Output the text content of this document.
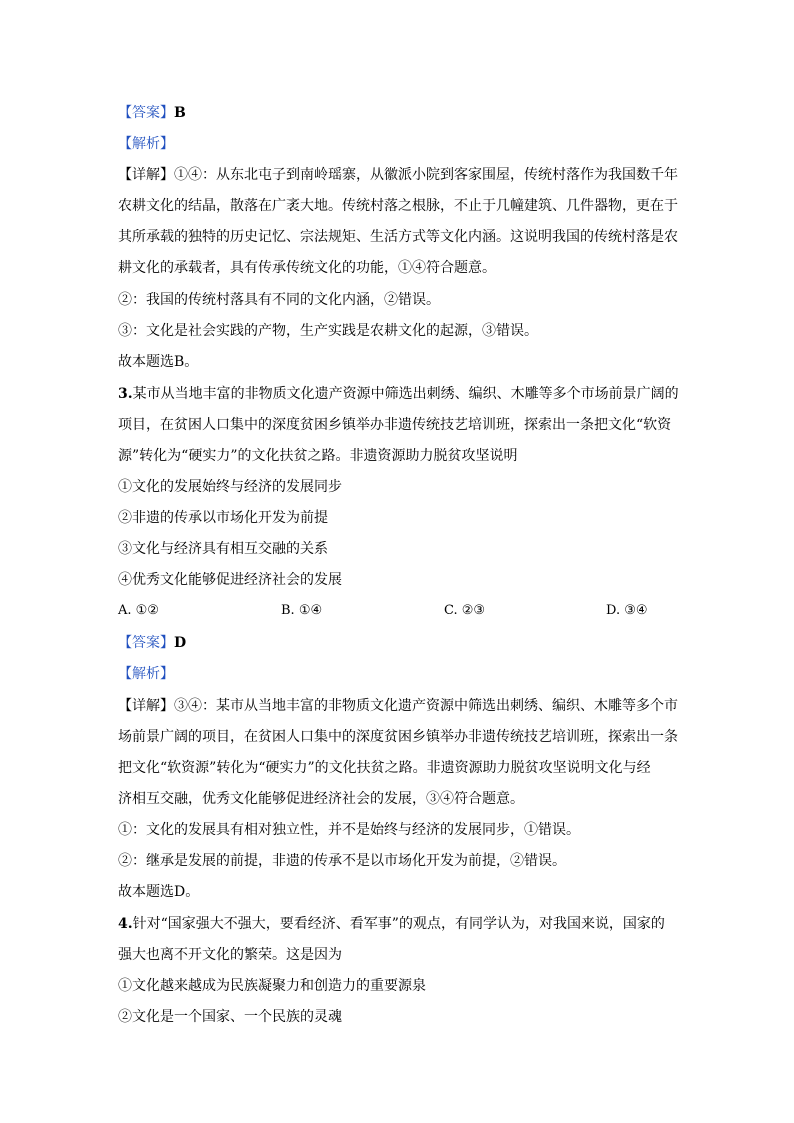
【答案】B
【解析】
【详解】①④：从东北屯子到南岭瑶寨，从徽派小院到客家围屋，传统村落作为我国数千年
农耕文化的结晶，散落在广袤大地。传统村落之根脉，不止于几幢建筑、几件器物，更在于
其所承载的独特的历史记忆、宗法规矩、生活方式等文化内涵。这说明我国的传统村落是农
耕文化的承载者，具有传承传统文化的功能，①④符合题意。
②：我国的传统村落具有不同的文化内涵，②错误。
③：文化是社会实践的产物，生产实践是农耕文化的起源，③错误。
故本题选B。
3.某市从当地丰富的非物质文化遗产资源中筛选出刺绣、编织、木雕等多个市场前景广阔的
项目，在贫困人口集中的深度贫困乡镇举办非遗传统技艺培训班，探索出一条把文化“软资
源”转化为“硬实力”的文化扶贫之路。非遗资源助力脱贫攻坚说明
①文化的发展始终与经济的发展同步
②非遗的传承以市场化开发为前提
③文化与经济具有相互交融的关系
④优秀文化能够促进经济社会的发展
A. ①②	B. ①④	C. ②③	D. ③④
【答案】D
【解析】
【详解】③④：某市从当地丰富的非物质文化遗产资源中筛选出刺绣、编织、木雕等多个市
场前景广阔的项目，在贫困人口集中的深度贫困乡镇举办非遗传统技艺培训班，探索出一条
把文化“软资源”转化为“硬实力”的文化扶贫之路。非遗资源助力脱贫攻坚说明文化与经
济相互交融，优秀文化能够促进经济社会的发展，③④符合题意。
①：文化的发展具有相对独立性，并不是始终与经济的发展同步，①错误。
②：继承是发展的前提，非遗的传承不是以市场化开发为前提，②错误。
故本题选D。
4.针对“国家强大不强大，要看经济、看军事”的观点，有同学认为，对我国来说，国家的
强大也离不开文化的繁荣。这是因为
①文化越来越成为民族凝聚力和创造力的重要源泉
②文化是一个国家、一个民族的灵魂
